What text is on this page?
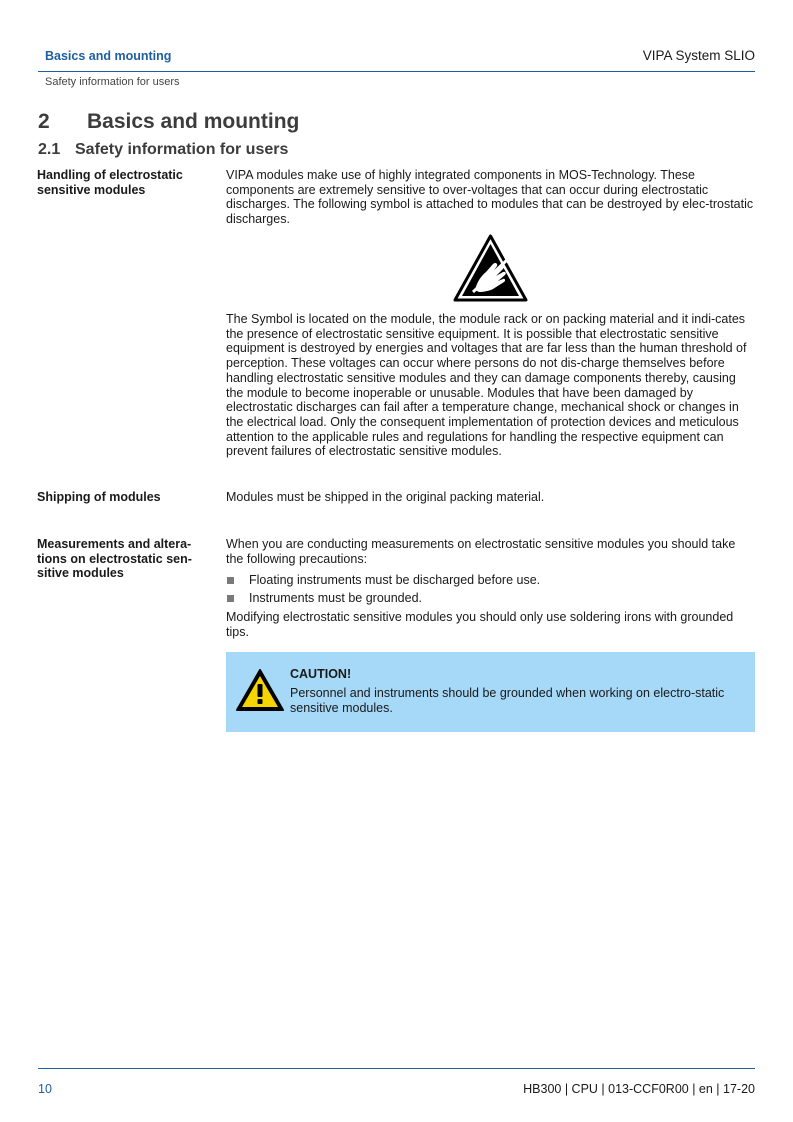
Basics and mounting	VIPA System SLIO
Safety information for users
2 Basics and mounting
2.1 Safety information for users
Handling of electrostatic sensitive modules

VIPA modules make use of highly integrated components in MOS-Technology. These components are extremely sensitive to over-voltages that can occur during electrostatic discharges. The following symbol is attached to modules that can be destroyed by elec-trostatic discharges.

The Symbol is located on the module, the module rack or on packing material and it indi-cates the presence of electrostatic sensitive equipment. It is possible that electrostatic sensitive equipment is destroyed by energies and voltages that are far less than the human threshold of perception. These voltages can occur where persons do not dis-charge themselves before handling electrostatic sensitive modules and they can damage components thereby, causing the module to become inoperable or unusable. Modules that have been damaged by electrostatic discharges can fail after a temperature change, mechanical shock or changes in the electrical load. Only the consequent implementation of protection devices and meticulous attention to the applicable rules and regulations for handling the respective equipment can prevent failures of electrostatic sensitive modules.

Shipping of modules	Modules must be shipped in the original packing material.
Measurements and altera-tions on electrostatic sen-sitive modules

When you are conducting measurements on electrostatic sensitive modules you should take the following precautions:

Floating instruments must be discharged before use.
Instruments must be grounded.

Modifying electrostatic sensitive modules you should only use soldering irons with grounded tips.

CAUTION!
Personnel and instruments should be grounded when working on electro-static sensitive modules.
10	HB300 | CPU | 013-CCF0R00 | en | 17-20
